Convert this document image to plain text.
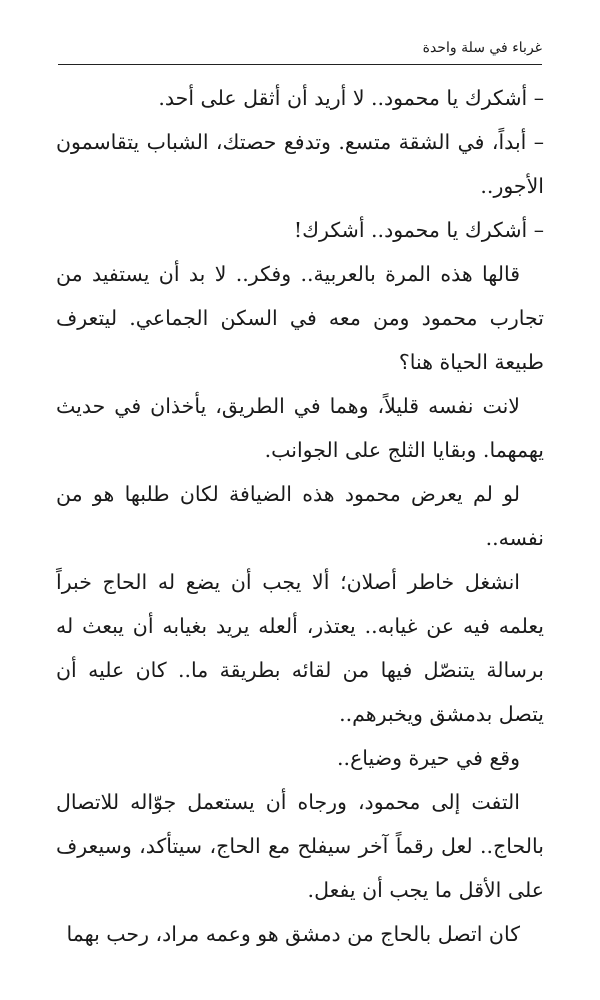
غرباء في سلة واحدة

– أشكرك يا محمود.. لا أريد أن أثقل على أحد.

– أبداً، في الشقة متسع. وتدفع حصتك، الشباب يتقاسمون الأجور..

– أشكرك يا محمود.. أشكرك!

قالها هذه المرة بالعربية.. وفكر.. لا بد أن يستفيد من تجارب محمود ومن معه في السكن الجماعي. ليتعرف طبيعة الحياة هنا؟

لانت نفسه قليلاً، وهما في الطريق، يأخذان في حديث يهمهما. وبقايا الثلج على الجوانب.

لو لم يعرض محمود هذه الضيافة لكان طلبها هو من نفسه..

انشغل خاطر أصلان؛ ألا يجب أن يضع له الحاج خبراً يعلمه فيه عن غيابه.. يعتذر، ألعله يريد بغيابه أن يبعث له برسالة يتنصّل فيها من لقائه بطريقة ما.. كان عليه أن يتصل بدمشق ويخبرهم..

وقع في حيرة وضياع..

التفت إلى محمود، ورجاه أن يستعمل جوّاله للاتصال بالحاج.. لعل رقماً آخر سيفلح مع الحاج، سيتأكد، وسيعرف على الأقل ما يجب أن يفعل.

كان اتصل بالحاج من دمشق هو وعمه مراد، رحب بهما
